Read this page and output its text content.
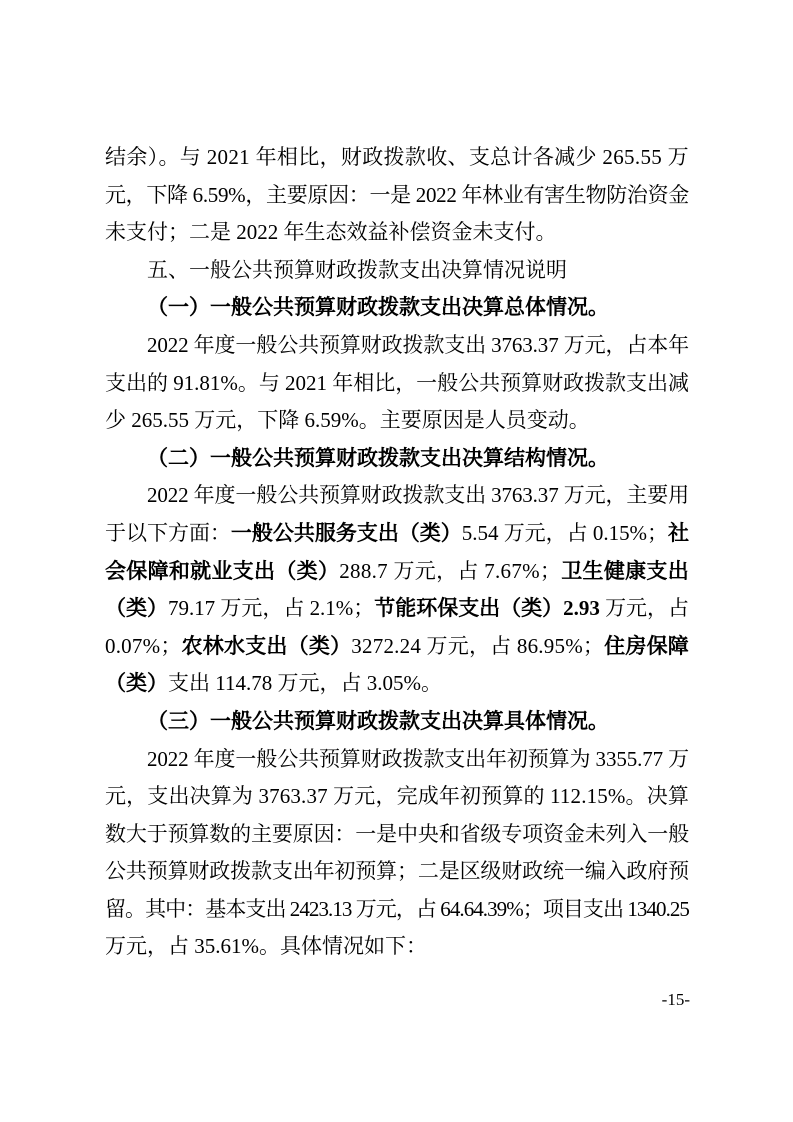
结余）。与 2021 年相比，财政拨款收、支总计各减少 265.55 万
元，下降 6.59%，主要原因：一是 2022 年林业有害生物防治资金
未支付；二是 2022 年生态效益补偿资金未支付。
五、一般公共预算财政拨款支出决算情况说明
（一）一般公共预算财政拨款支出决算总体情况。
2022 年度一般公共预算财政拨款支出 3763.37 万元，占本年
支出的 91.81%。与 2021 年相比，一般公共预算财政拨款支出减
少 265.55 万元，下降 6.59%。主要原因是人员变动。
（二）一般公共预算财政拨款支出决算结构情况。
2022 年度一般公共预算财政拨款支出 3763.37 万元，主要用
于以下方面：一般公共服务支出（类）5.54 万元，占 0.15%；社
会保障和就业支出（类）288.7 万元，占 7.67%；卫生健康支出
（类）79.17 万元，占 2.1%；节能环保支出（类）2.93 万元，占
0.07%；农林水支出（类）3272.24 万元，占 86.95%；住房保障
（类）支出 114.78 万元，占 3.05%。
（三）一般公共预算财政拨款支出决算具体情况。
2022 年度一般公共预算财政拨款支出年初预算为 3355.77 万
元，支出决算为 3763.37 万元，完成年初预算的 112.15%。决算
数大于预算数的主要原因：一是中央和省级专项资金未列入一般
公共预算财政拨款支出年初预算；二是区级财政统一编入政府预
留。其中：基本支出 2423.13 万元，占 64.64.39%；项目支出 1340.25
万元，占 35.61%。具体情况如下：
-15-
